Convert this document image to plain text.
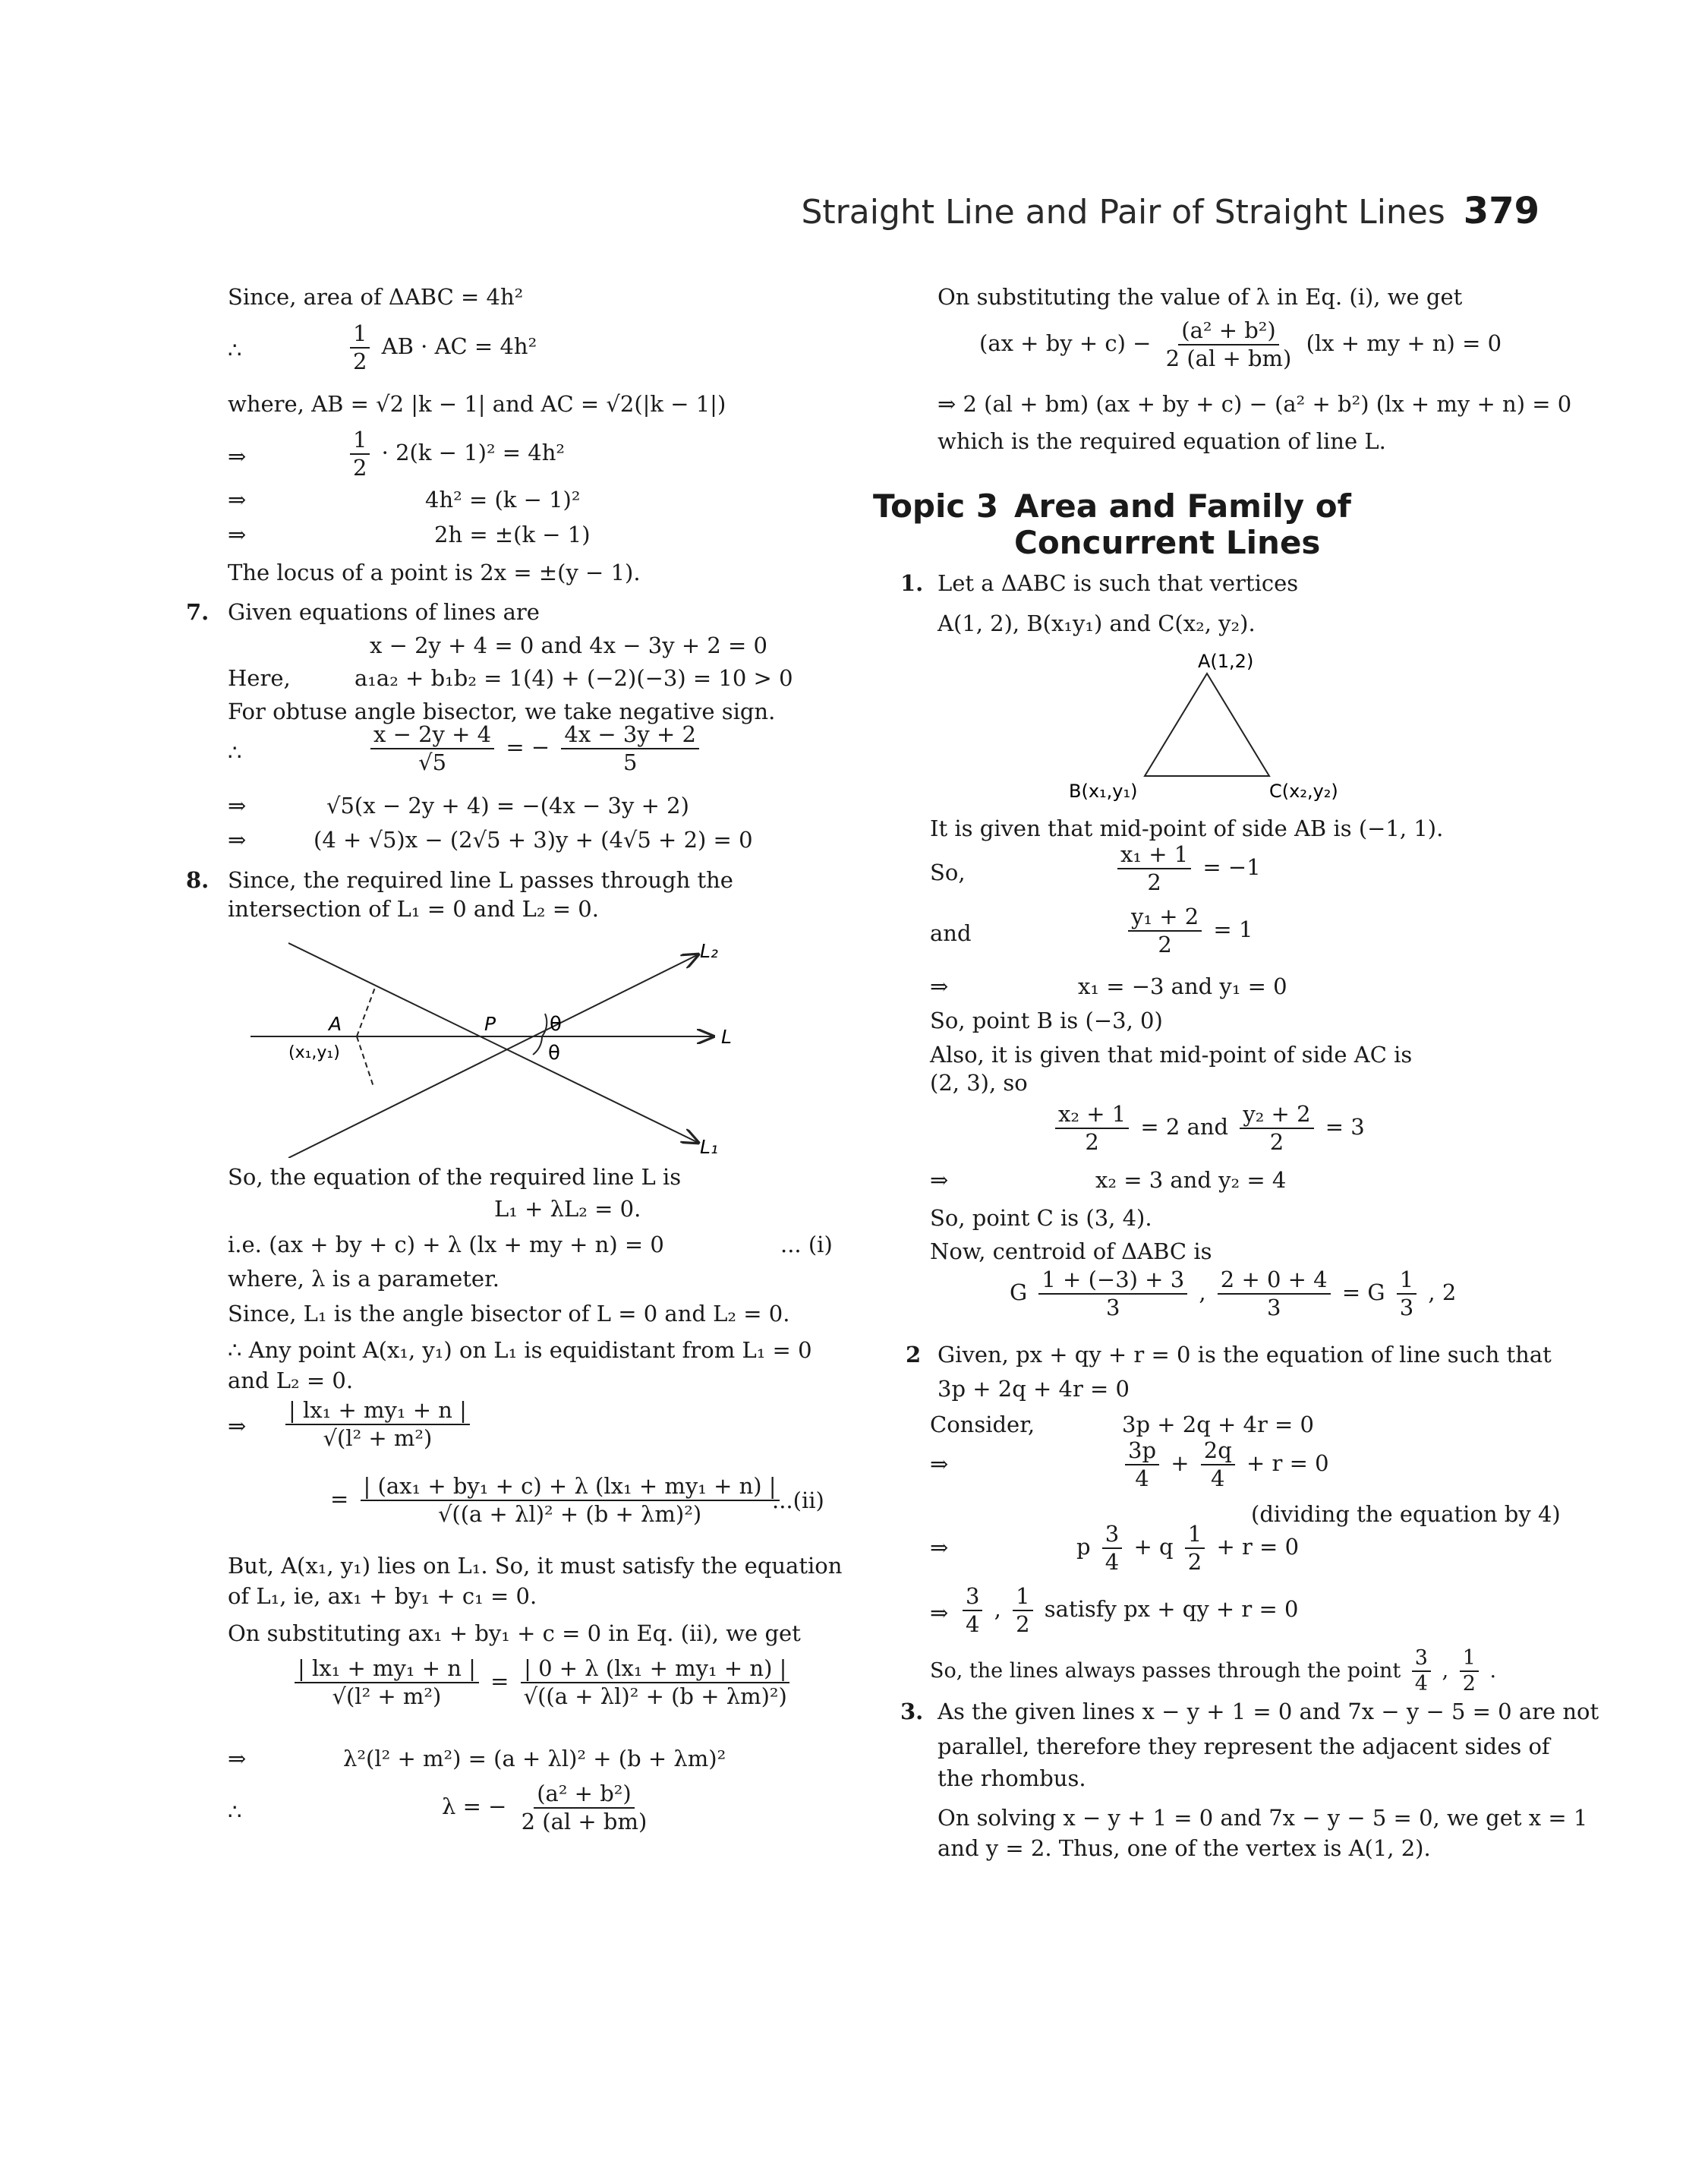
Straight Line and Pair of Straight Lines 379
Since, area of ΔABC = 4h²
∴	$\frac{1}{2}$ AB · AC = 4h²
where, AB = √2 |k − 1| and AC = √2(|k − 1|)
⇒	$\frac{1}{2} \cdot 2(k - 1)^2 = 4h^2$
⇒	4h² = (k − 1)²
⇒	2h = ±(k − 1)
The locus of a point is 2x = ±(y − 1).
7. Given equations of lines are
x − 2y + 4 = 0 and 4x − 3y + 2 = 0
Here,	a₁a₂ + b₁b₂ = 1(4) + (−2)(−3) = 10 > 0
For obtuse angle bisector, we take negative sign.
∴	$\frac{x - 2y + 4}{√5}$ = − $\frac{4x - 3y + 2}{5}$
⇒	√5(x − 2y + 4) = −(4x − 3y + 2)
⇒	(4 + √5)x − (2√5 + 3)y + (4√5 + 2) = 0
8. Since, the required line L passes through the
intersection of L₁ = 0 and L₂ = 0.
L₂
L
L₁
A
(x₁,y₁)
P	θ
θ
So, the equation of the required line L is
L₁ + λL₂ = 0.
i.e. (ax + by + c) + λ (lx + my + n) = 0	... (i)
where, λ is a parameter.
Since, L₁ is the angle bisector of L = 0 and L₂ = 0.
∴ Any point A(x₁, y₁) on L₁ is equidistant from L₁ = 0
and L₂ = 0.
⇒ $\frac{\text{| lx₁ + my₁ + n |}}{\text{√(l² + m²)}}$
= $\frac{\text{| (ax₁ + by₁ + c) + λ (lx₁ + my₁ + n) |}}{\text{√((a + λl)² + (b + λm)²)}}$
...(ii)
But, A(x₁, y₁) lies on L₁. So, it must satisfy the equation
of L₁, ie, ax₁ + by₁ + c₁ = 0.
On substituting ax₁ + by₁ + c = 0 in Eq. (ii), we get
$\frac{\text{| lx₁ + my₁ + n |}}{\text{√(l² + m²)}} = \frac{\text{| 0 + λ (lx₁ + my₁ + n) |}}{\text{√((a + λl)² + (b + λm)²)}}$
⇒	λ²(l² + m²) = (a + λl)² + (b + λm)²
∴	λ = − $\frac{\text{(a² + b²)}}{2 (al + bm)}$
On substituting the value of λ in Eq. (i), we get
(ax + by + $c) - \frac{\text{(a² + b²)}}{2 (al + bm)} (lx$ + my + n) = 0
⇒ 2 (al + bm) (ax + by + c) − (a² + b²) (lx + my + n) = 0
which is the required equation of line L.
Topic 3 Area and Family of
Concurrent Lines
1. Let a ΔABC is such that vertices
A(1, 2), B(x₁y₁) and C(x₂, y₂).
A(1,2)
B(x₁,y₁)	C(x₂,y₂)
It is given that mid-point of side AB is (−1, 1).
So,	$\frac{\text{x₁ + 1}}{2} = -1$
and	$\frac{\text{y₁ + 2}}{2} = 1$
⇒	x₁ = −3 and y₁ = 0
So, point B is (−3, 0)
Also, it is given that mid-point of side AC is
(2, 3), so
$\frac{\text{x₂ + 1}}{2} = 2$ and $\frac{\text{y₂ + 2}}{2} = 3$
⇒	x₂ = 3 and y₂ = 4
So, point C is (3, 4).
Now, centroid of ΔABC is
G $\frac{1 + (-3) + 3}{3}$ , $\frac{2 + 0 + 4}{3} = G \frac{1}{3}$ , 2
2 Given, px + qy + r = 0 is the equation of line such that
3p + 2q + 4r = 0
Consider,	3p + 2q + 4r = 0
⇒	$\frac{3p}{4} + \frac{2q}{4} + r = 0$
(dividing the equation by 4)
⇒	p $\frac{3}{4} + q \frac{1}{2} + r = 0$
⇒ $\frac{3}{4}$ , $\frac{1}{2}$ satisfy px + qy + r = 0
So, the lines always passes through the point $\frac{3}{4}$ , $\frac{1}{2}$ .
3. As the given lines x − y + 1 = 0 and 7x − y − 5 = 0 are not
parallel, therefore they represent the adjacent sides of
the rhombus.
On solving x − y + 1 = 0 and 7x − y − 5 = 0, we get x = 1
and y = 2. Thus, one of the vertex is A(1, 2).
